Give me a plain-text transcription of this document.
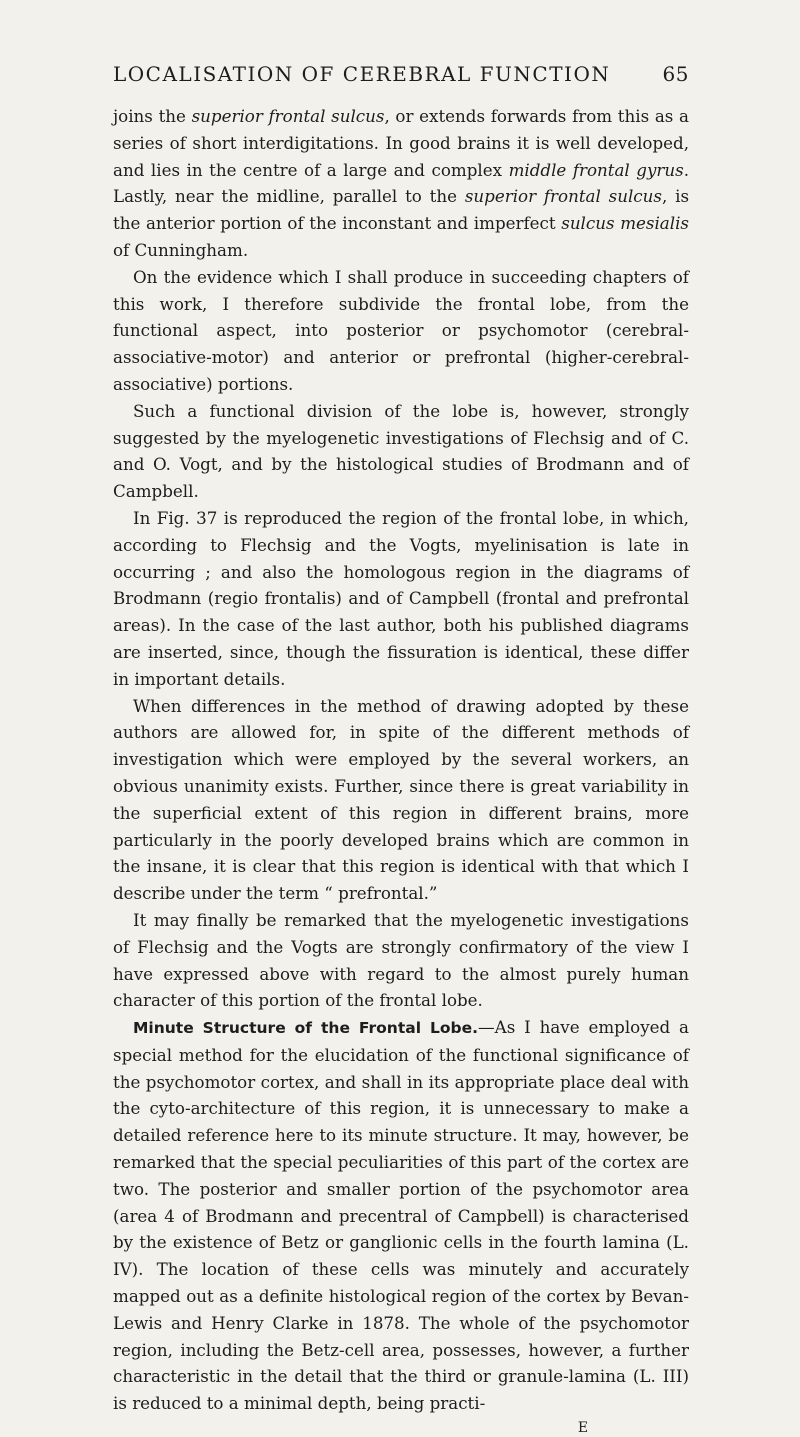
LOCALISATION OF CEREBRAL FUNCTION	65

joins the superior frontal sulcus, or extends forwards from this as a series of short interdigitations. In good brains it is well developed, and lies in the centre of a large and complex middle frontal gyrus. Lastly, near the midline, parallel to the superior frontal sulcus, is the anterior portion of the inconstant and imperfect sulcus mesialis of Cunningham.

On the evidence which I shall produce in succeeding chapters of this work, I therefore subdivide the frontal lobe, from the functional aspect, into posterior or psychomotor (cerebral-associative-motor) and anterior or prefrontal (higher-cerebral-associative) portions.

Such a functional division of the lobe is, however, strongly suggested by the myelogenetic investigations of Flechsig and of C. and O. Vogt, and by the histological studies of Brodmann and of Campbell.

In Fig. 37 is reproduced the region of the frontal lobe, in which, according to Flechsig and the Vogts, myelinisation is late in occurring ; and also the homologous region in the diagrams of Brodmann (regio frontalis) and of Campbell (frontal and prefrontal areas). In the case of the last author, both his published diagrams are inserted, since, though the fissuration is identical, these differ in important details.

When differences in the method of drawing adopted by these authors are allowed for, in spite of the different methods of investigation which were employed by the several workers, an obvious unanimity exists. Further, since there is great variability in the superficial extent of this region in different brains, more particularly in the poorly developed brains which are common in the insane, it is clear that this region is identical with that which I describe under the term “ prefrontal.”

It may finally be remarked that the myelogenetic investigations of Flechsig and the Vogts are strongly confirmatory of the view I have expressed above with regard to the almost purely human character of this portion of the frontal lobe.

Minute Structure of the Frontal Lobe.—As I have employed a special method for the elucidation of the functional significance of the psychomotor cortex, and shall in its appropriate place deal with the cyto-architecture of this region, it is unnecessary to make a detailed reference here to its minute structure. It may, however, be remarked that the special peculiarities of this part of the cortex are two. The posterior and smaller portion of the psychomotor area (area 4 of Brodmann and precentral of Campbell) is characterised by the existence of Betz or ganglionic cells in the fourth lamina (L. IV). The location of these cells was minutely and accurately mapped out as a definite histological region of the cortex by Bevan-Lewis and Henry Clarke in 1878. The whole of the psychomotor region, including the Betz-cell area, possesses, however, a further characteristic in the detail that the third or granule-lamina (L. III) is reduced to a minimal depth, being practi-

E
